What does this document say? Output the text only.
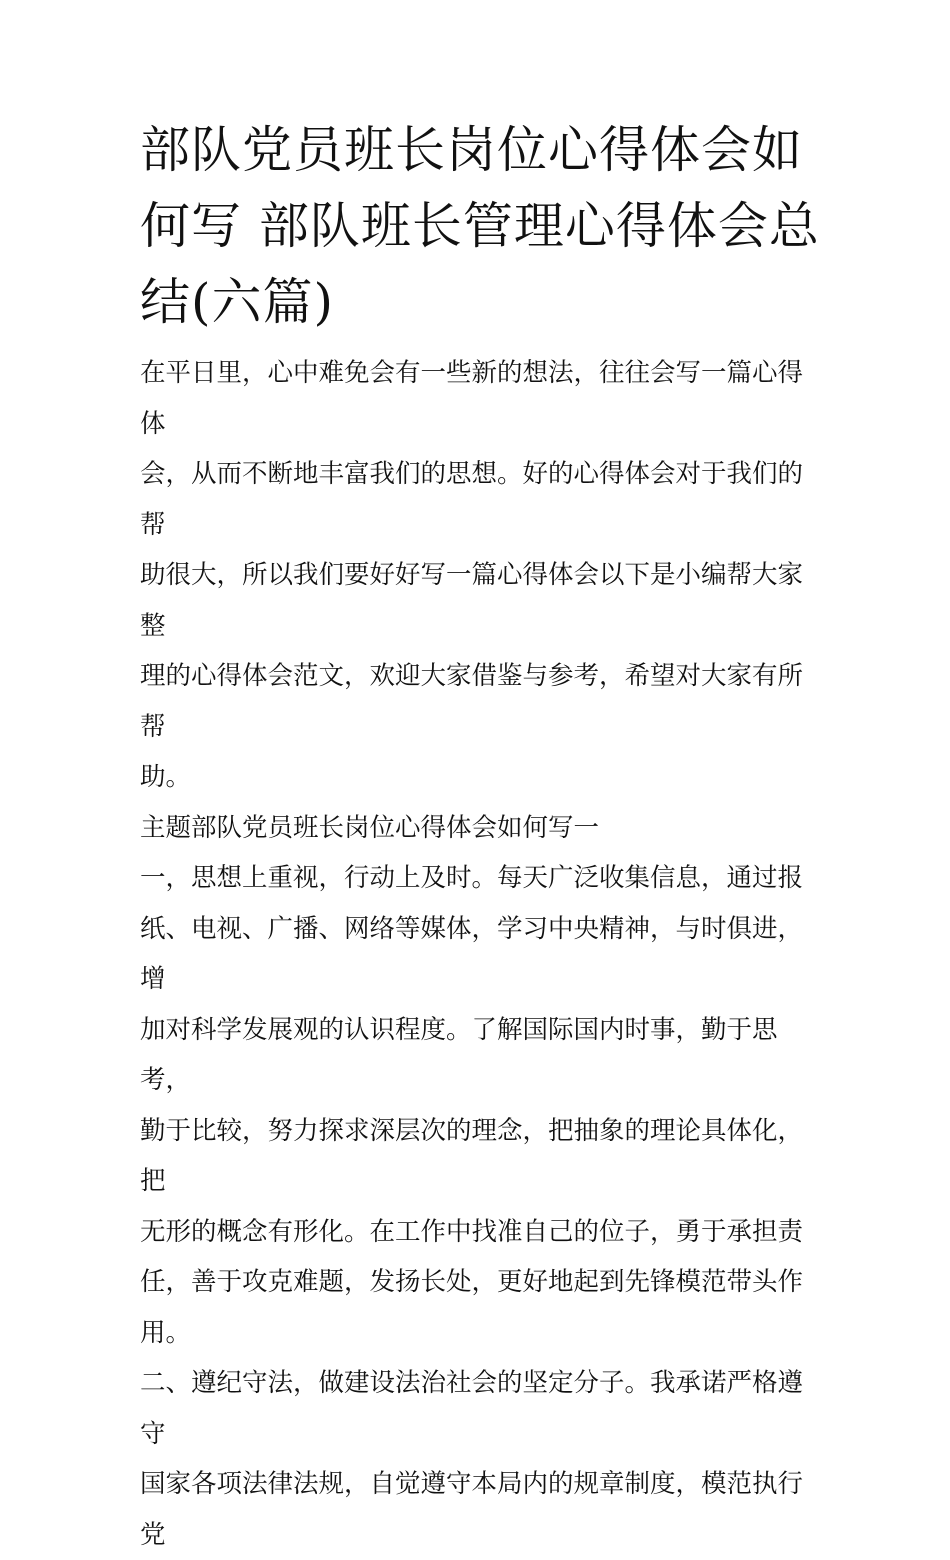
部队党员班长岗位心得体会如
何写 部队班长管理心得体会总
结(六篇)
在平日里，心中难免会有一些新的想法，往往会写一篇心得体
会，从而不断地丰富我们的思想。好的心得体会对于我们的帮
助很大，所以我们要好好写一篇心得体会以下是小编帮大家整
理的心得体会范文，欢迎大家借鉴与参考，希望对大家有所帮
助。
主题部队党员班长岗位心得体会如何写一
一，思想上重视，行动上及时。每天广泛收集信息，通过报
纸、电视、广播、网络等媒体，学习中央精神，与时俱进，增
加对科学发展观的认识程度。了解国际国内时事，勤于思考，
勤于比较，努力探求深层次的理念，把抽象的理论具体化，把
无形的概念有形化。在工作中找准自己的位子，勇于承担责
任，善于攻克难题，发扬长处，更好地起到先锋模范带头作
用。
二、遵纪守法，做建设法治社会的坚定分子。我承诺严格遵守
国家各项法律法规，自觉遵守本局内的规章制度，模范执行党
